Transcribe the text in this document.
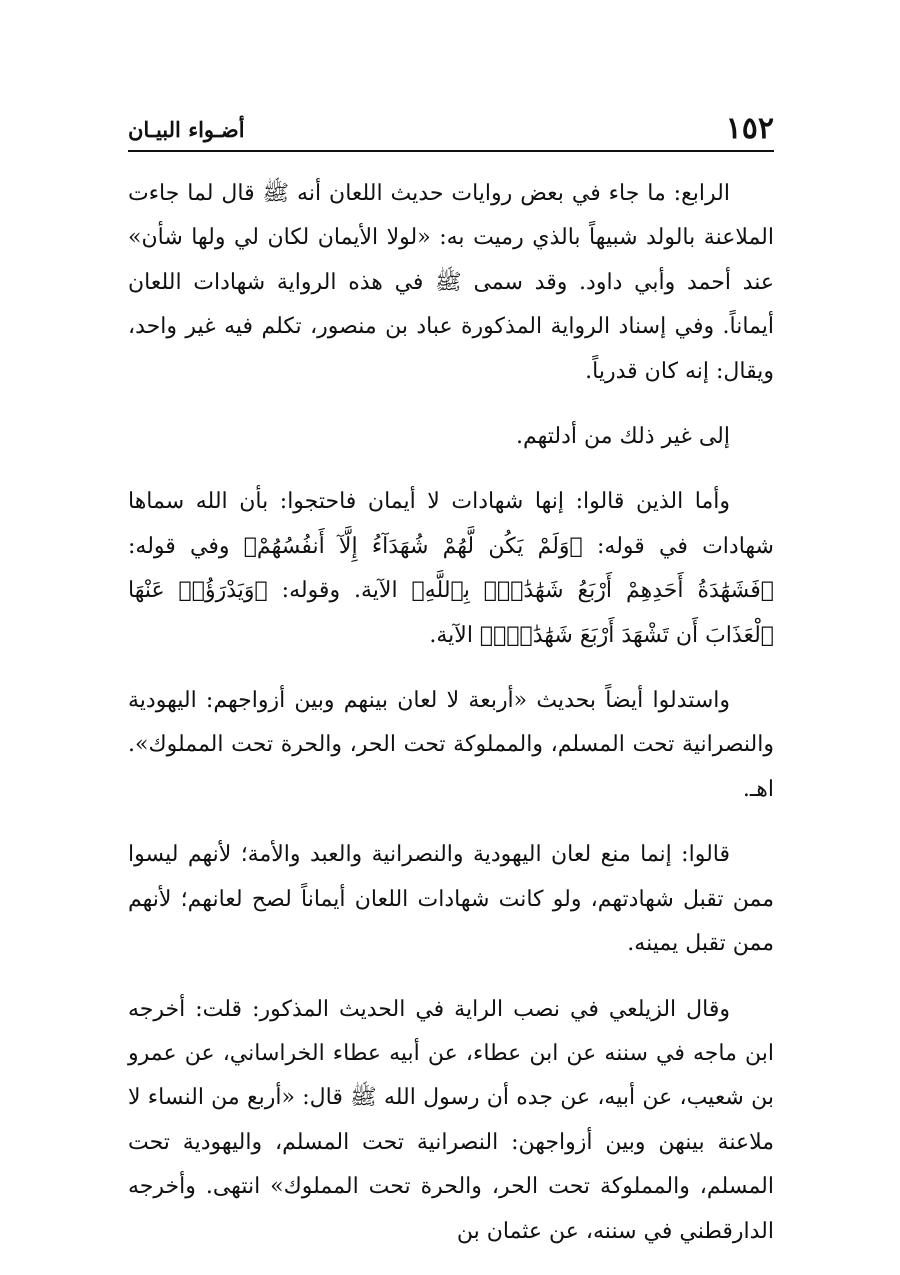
١٥٢
أضـواء البيـان

الرابع: ما جاء في بعض روايات حديث اللعان أنه ﷺ قال لما جاءت الملاعنة بالولد شبيهاً بالذي رميت به: «لولا الأيمان لكان لي ولها شأن» عند أحمد وأبي داود. وقد سمى ﷺ في هذه الرواية شهادات اللعان أيماناً. وفي إسناد الرواية المذكورة عباد بن منصور، تكلم فيه غير واحد، ويقال: إنه كان قدرياً.

إلى غير ذلك من أدلتهم.

وأما الذين قالوا: إنها شهادات لا أيمان فاحتجوا: بأن الله سماها شهادات في قوله: ﴿وَلَمْ يَكُن لَّهُمْ شُهَدَآءُ إِلَّآ أَنفُسُهُمْ﴾ وفي قوله: ﴿فَشَهَٰدَةُ أَحَدِهِمْ أَرْبَعُ شَهَٰدَٰتٍۭ بِٱللَّهِ﴾ الآية. وقوله: ﴿وَيَدْرَؤُا۟ عَنْهَا ٱلْعَذَابَ أَن تَشْهَدَ أَرْبَعَ شَهَٰدَٰتٍۭ﴾ الآية.

واستدلوا أيضاً بحديث «أربعة لا لعان بينهم وبين أزواجهم: اليهودية والنصرانية تحت المسلم، والمملوكة تحت الحر، والحرة تحت المملوك». اهـ.

قالوا: إنما منع لعان اليهودية والنصرانية والعبد والأمة؛ لأنهم ليسوا ممن تقبل شهادتهم، ولو كانت شهادات اللعان أيماناً لصح لعانهم؛ لأنهم ممن تقبل يمينه.

وقال الزيلعي في نصب الراية في الحديث المذكور: قلت: أخرجه ابن ماجه في سننه عن ابن عطاء، عن أبيه عطاء الخراساني، عن عمرو بن شعيب، عن أبيه، عن جده أن رسول الله ﷺ قال: «أربع من النساء لا ملاعنة بينهن وبين أزواجهن: النصرانية تحت المسلم، واليهودية تحت المسلم، والمملوكة تحت الحر، والحرة تحت المملوك» انتهى. وأخرجه الدارقطني في سننه، عن عثمان بن
